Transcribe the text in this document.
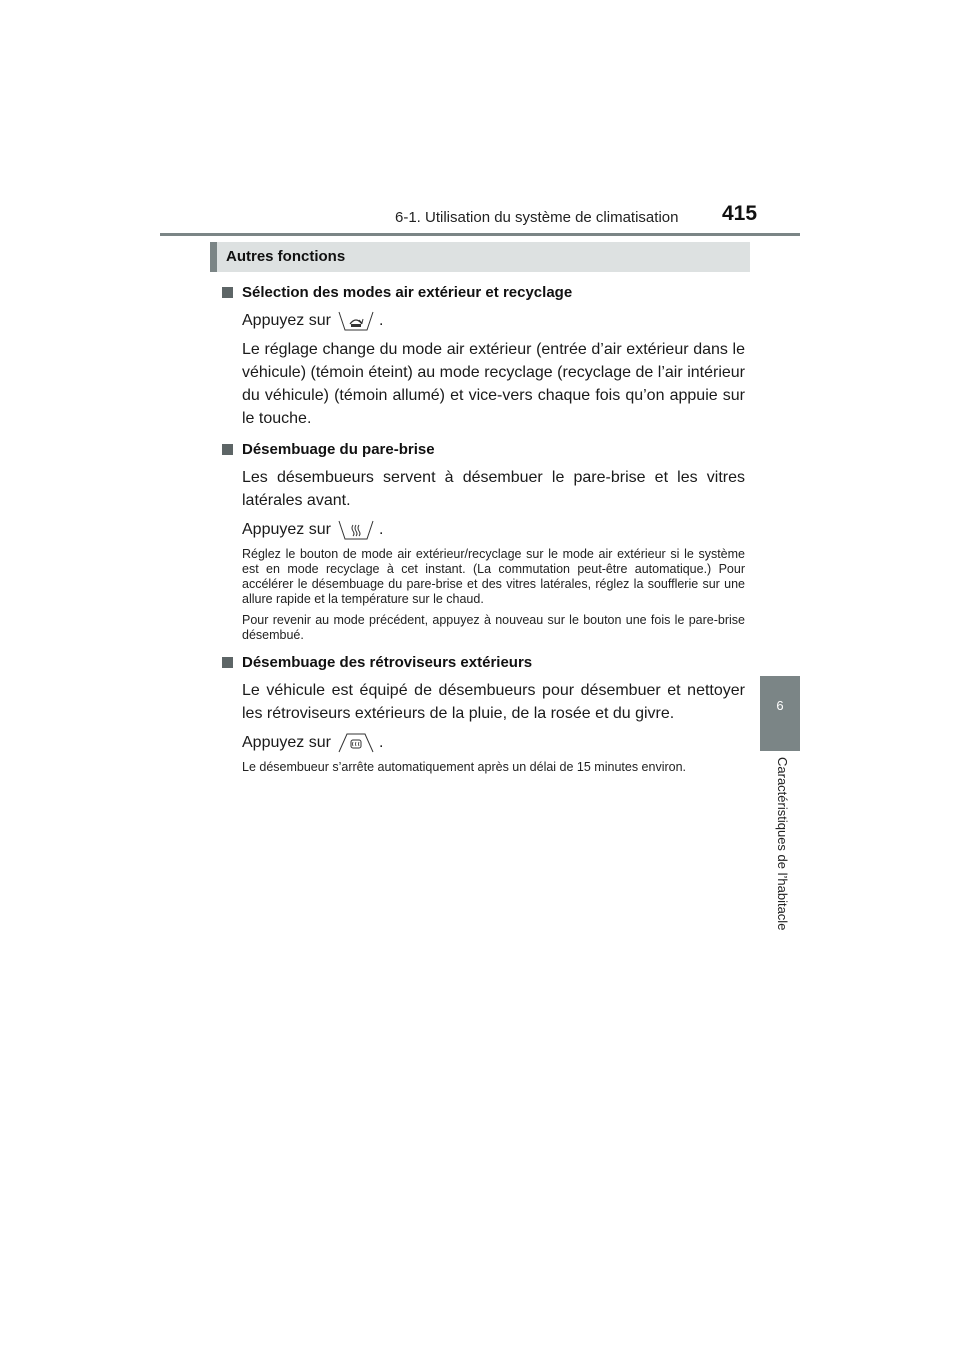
6-1. Utilisation du système de climatisation 415
6
Caractéristiques de l’habitacle
Autres fonctions
Sélection des modes air extérieur et recyclage
Appuyez sur	.

Le réglage change du mode air extérieur (entrée d’air extérieur dans le véhicule) (témoin éteint) au mode recyclage (recyclage de l’air intérieur du véhicule) (témoin allumé) et vice-vers chaque fois qu’on appuie sur le touche.

Désembuage du pare-brise

Les désembueurs servent à désembuer le pare-brise et les vitres latérales avant.

Appuyez sur	.

Réglez le bouton de mode air extérieur/recyclage sur le mode air extérieur si le système est en mode recyclage à cet instant. (La commutation peut-être automatique.) Pour accélérer le désembuage du pare-brise et des vitres latérales, réglez la soufflerie sur une allure rapide et la température sur le chaud.

Pour revenir au mode précédent, appuyez à nouveau sur le bouton une fois le pare-brise désembué.

Désembuage des rétroviseurs extérieurs

Le véhicule est équipé de désembueurs pour désembuer et nettoyer les rétroviseurs extérieurs de la pluie, de la rosée et du givre.

Appuyez sur	.

Le désembueur s’arrête automatiquement après un délai de 15 minutes environ.
